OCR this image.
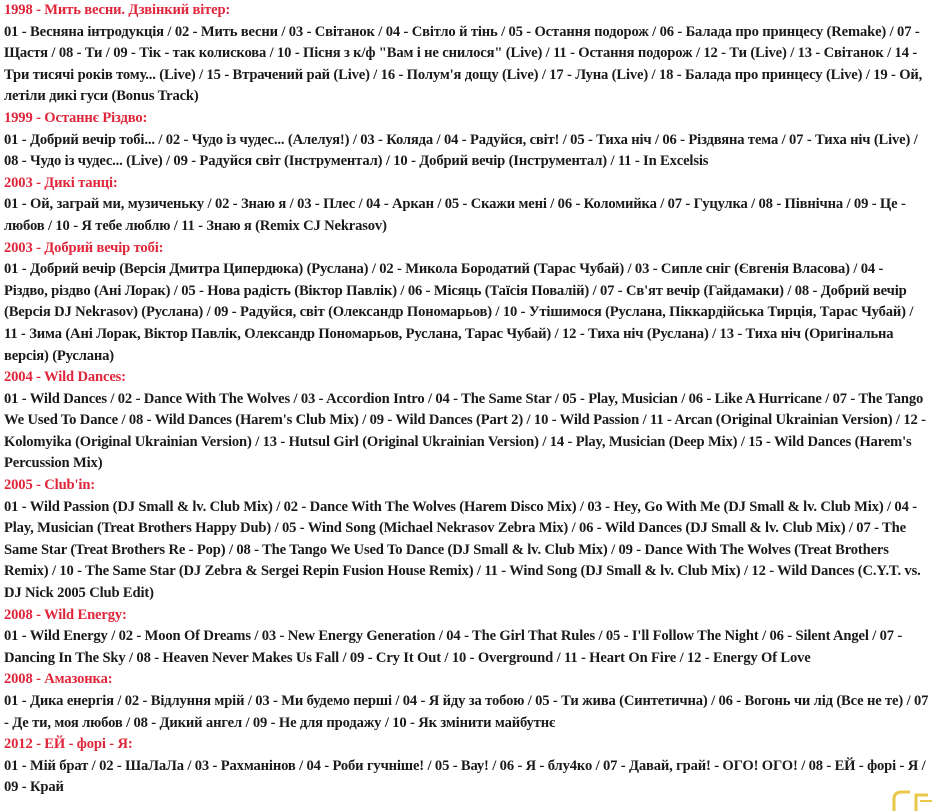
1998 - Мить весни. Дзвінкий вітер:
01 - Весняна інтродукція / 02 - Мить весни / 03 - Світанок / 04 - Світло й тінь / 05 - Остання подорож / 06 - Балада про принцесу (Remake) / 07 - Щастя / 08 - Ти / 09 - Тік - так колискова / 10 - Пісня з к/ф "Вам і не снилося" (Live) / 11 - Остання подорож / 12 - Ти (Live) / 13 - Світанок / 14 - Три тисячі років тому... (Live) / 15 - Втрачений рай (Live) / 16 - Полум'я дощу (Live) / 17 - Луна (Live) / 18 - Балада про принцесу (Live) / 19 - Ой, летіли дикі гуси (Bonus Track)
1999 - Останнє Різдво:
01 - Добрий вечір тобі... / 02 - Чудо із чудес... (Алелуя!) / 03 - Коляда / 04 - Радуйся, світ! / 05 - Тиха ніч / 06 - Різдвяна тема / 07 - Тиха ніч (Live) / 08 - Чудо із чудес... (Live) / 09 - Радуйся світ (Інструментал) / 10 - Добрий вечір (Інструментал) / 11 - In Excelsis
2003 - Дикі танці:
01 - Ой, заграй ми, музиченьку / 02 - Знаю я / 03 - Плес / 04 - Аркан / 05 - Скажи мені / 06 - Коломийка / 07 - Гуцулка / 08 - Північна / 09 - Це - любов / 10 - Я тебе люблю / 11 - Знаю я (Remix CJ Nekrasov)
2003 - Добрий вечір тобі:
01 - Добрий вечір (Версія Дмитра Ципердюка) (Руслана) / 02 - Микола Бородатий (Тарас Чубай) / 03 - Сипле сніг (Євгенія Власова) / 04 - Різдво, різдво (Ані Лорак) / 05 - Нова радість (Віктор Павлік) / 06 - Місяць (Таїсія Повалій) / 07 - Св'ят вечір (Гайдамаки) / 08 - Добрий вечір (Версія DJ Nekrasov) (Руслана) / 09 - Радуйся, світ (Олександр Пономарьов) / 10 - Утішимося (Руслана, Піккардійська Тирція, Тарас Чубай) / 11 - Зима (Ані Лорак, Віктор Павлік, Олександр Пономарьов, Руслана, Тарас Чубай) / 12 - Тиха ніч (Руслана) / 13 - Тиха ніч (Оригінальна версія) (Руслана)
2004 - Wild Dances:
01 - Wild Dances / 02 - Dance With The Wolves / 03 - Accordion Intro / 04 - The Same Star / 05 - Play, Musician / 06 - Like A Hurricane / 07 - The Tango We Used To Dance / 08 - Wild Dances (Harem's Club Mix) / 09 - Wild Dances (Part 2) / 10 - Wild Passion / 11 - Arcan (Original Ukrainian Version) / 12 - Kolomyika (Original Ukrainian Version) / 13 - Hutsul Girl (Original Ukrainian Version) / 14 - Play, Musician (Deep Mix) / 15 - Wild Dances (Harem's Percussion Mix)
2005 - Club'in:
01 - Wild Passion (DJ Small & lv. Club Mix) / 02 - Dance With The Wolves (Harem Disco Mix) / 03 - Hey, Go With Me (DJ Small & lv. Club Mix) / 04 - Play, Musician (Treat Brothers Happy Dub) / 05 - Wind Song (Michael Nekrasov Zebra Mix) / 06 - Wild Dances (DJ Small & lv. Club Mix) / 07 - The Same Star (Treat Brothers Re - Pop) / 08 - The Tango We Used To Dance (DJ Small & lv. Club Mix) / 09 - Dance With The Wolves (Treat Brothers Remix) / 10 - The Same Star (DJ Zebra & Sergei Repin Fusion House Remix) / 11 - Wind Song (DJ Small & lv. Club Mix) / 12 - Wild Dances (C.Y.T. vs. DJ Nick 2005 Club Edit)
2008 - Wild Energy:
01 - Wild Energy / 02 - Moon Of Dreams / 03 - New Energy Generation / 04 - The Girl That Rules / 05 - I'll Follow The Night / 06 - Silent Angel / 07 - Dancing In The Sky / 08 - Heaven Never Makes Us Fall / 09 - Cry It Out / 10 - Overground / 11 - Heart On Fire / 12 - Energy Of Love
2008 - Амазонка:
01 - Дика енергія / 02 - Відлуння мрій / 03 - Ми будемо перші / 04 - Я йду за тобою / 05 - Ти жива (Синтетична) / 06 - Вогонь чи лід (Все не те) / 07 - Де ти, моя любов / 08 - Дикий ангел / 09 - Не для продажу / 10 - Як змінити майбутнє
2012 - ЕЙ - форі - Я:
01 - Мій брат / 02 - ШаЛаЛа / 03 - Рахманінов / 04 - Роби гучніше! / 05 - Вау! / 06 - Я - блу4ко / 07 - Давай, грай! - ОГО! ОГО! / 08 - ЕЙ - форі - Я / 09 - Край
